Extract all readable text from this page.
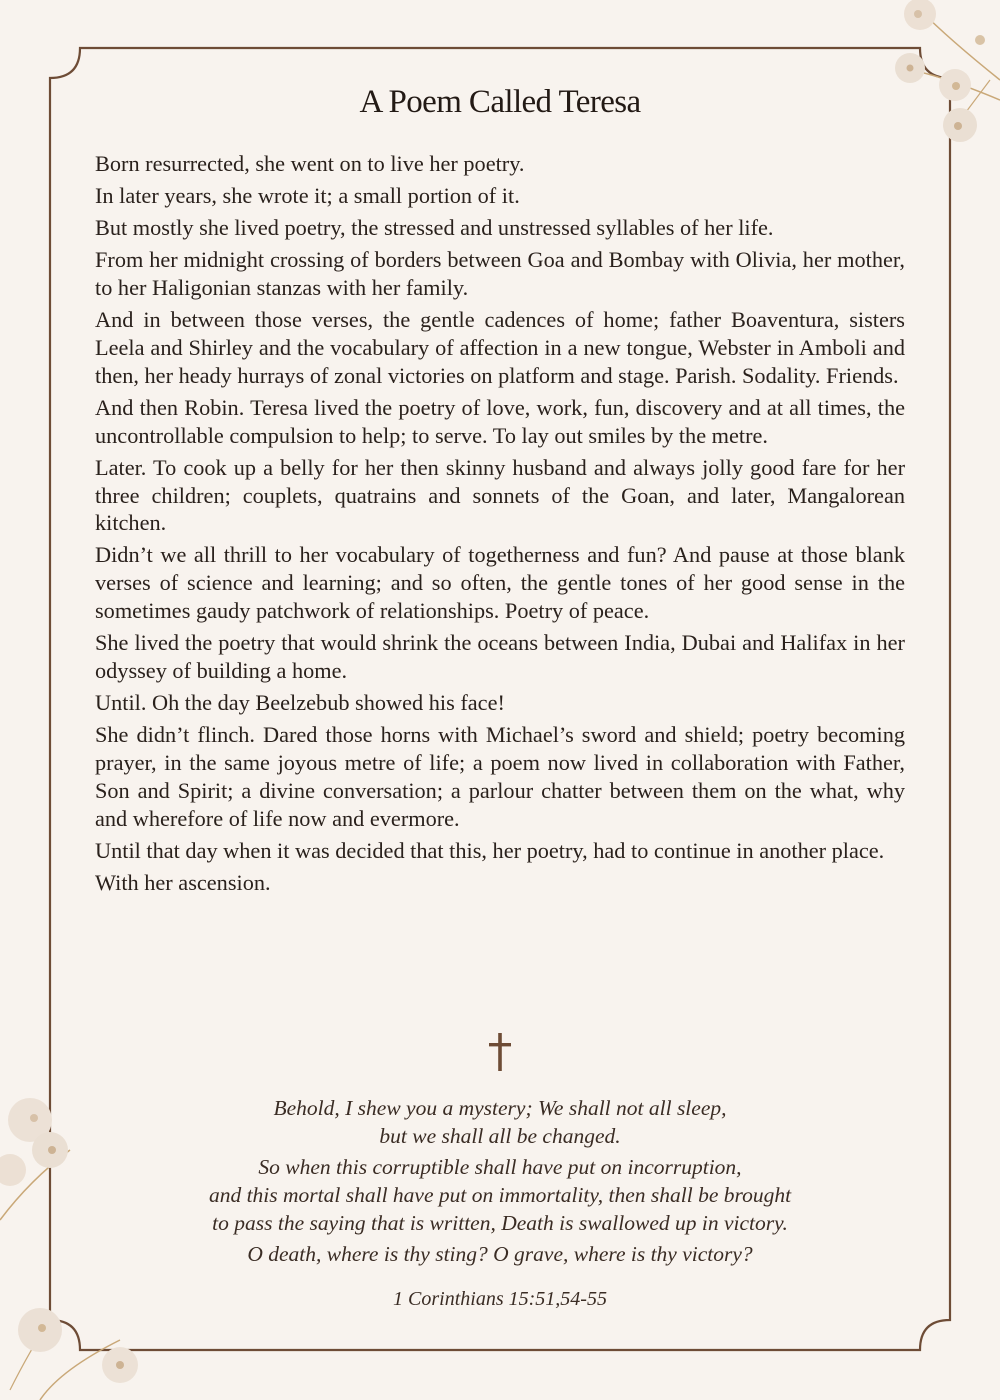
A Poem Called Teresa

Born resurrected, she went on to live her poetry.

In later years, she wrote it; a small portion of it.

But mostly she lived poetry, the stressed and unstressed syllables of her life.

From her midnight crossing of borders between Goa and Bombay with Olivia, her mother, to her Haligonian stanzas with her family.

And in between those verses, the gentle cadences of home; father Boaventura, sisters Leela and Shirley and the vocabulary of affection in a new tongue, Webster in Amboli and then, her heady hurrays of zonal victories on platform and stage. Parish. Sodality. Friends.

And then Robin. Teresa lived the poetry of love, work, fun, discovery and at all times, the uncontrollable compulsion to help; to serve. To lay out smiles by the metre.

Later. To cook up a belly for her then skinny husband and always jolly good fare for her three children; couplets, quatrains and sonnets of the Goan, and later, Mangalorean kitchen.

Didn’t we all thrill to her vocabulary of togetherness and fun? And pause at those blank verses of science and learning; and so often, the gentle tones of her good sense in the sometimes gaudy patchwork of relationships. Poetry of peace.

She lived the poetry that would shrink the oceans between India, Dubai and Halifax in her odyssey of building a home.

Until. Oh the day Beelzebub showed his face!

She didn’t flinch. Dared those horns with Michael’s sword and shield; poetry becoming prayer, in the same joyous metre of life; a poem now lived in collaboration with Father, Son and Spirit; a divine conversation; a parlour chatter between them on the what, why and wherefore of life now and evermore.

Until that day when it was decided that this, her poetry, had to continue in another place.

With her ascension.

Behold, I shew you a mystery; We shall not all sleep,
but we shall all be changed.

So when this corruptible shall have put on incorruption,
and this mortal shall have put on immortality, then shall be brought
to pass the saying that is written, Death is swallowed up in victory.

O death, where is thy sting? O grave, where is thy victory?

1 Corinthians 15:51,54-55
